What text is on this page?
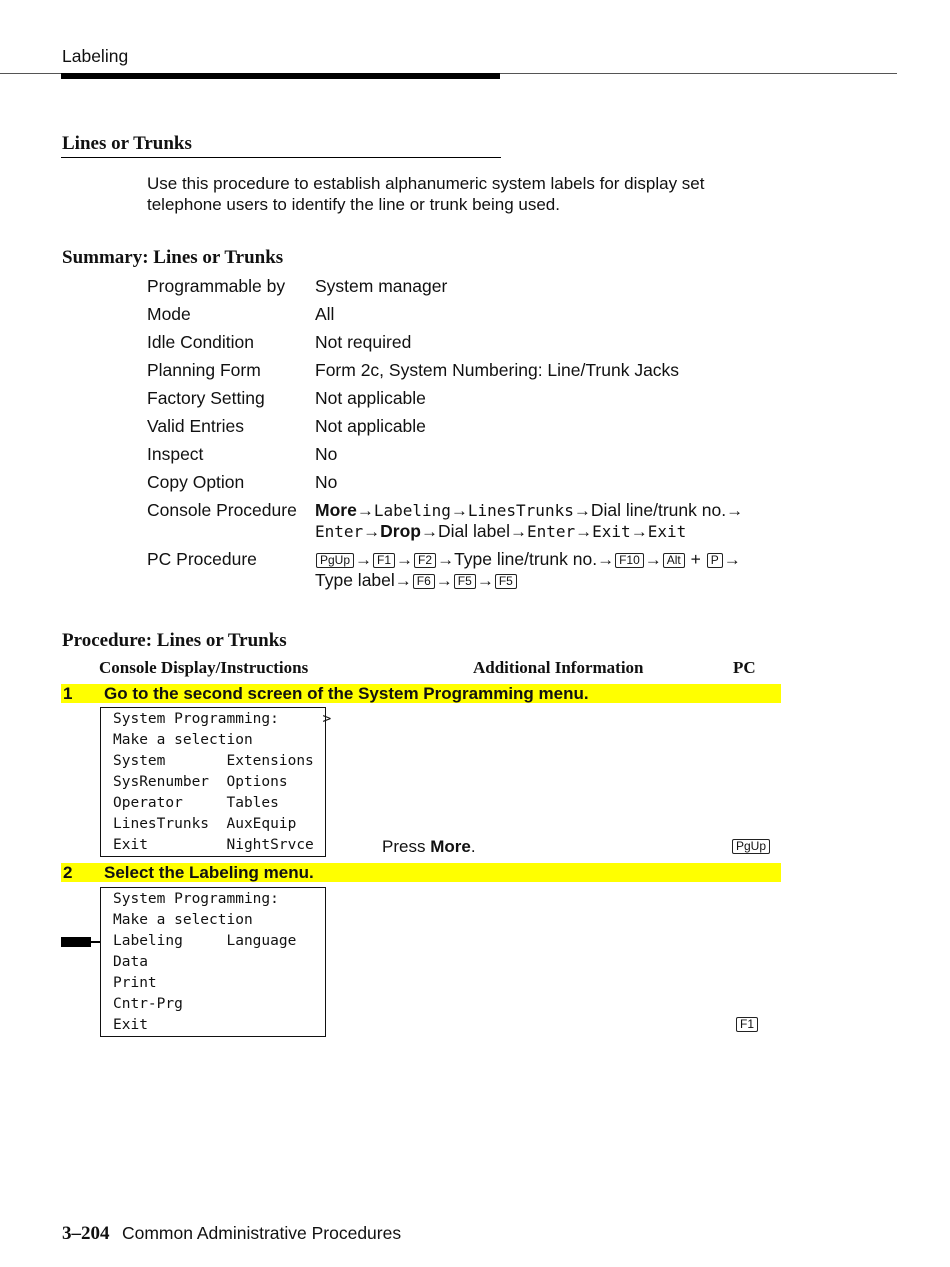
Labeling
Lines or Trunks
Use this procedure to establish alphanumeric system labels for display set
telephone users to identify the line or trunk being used.
Summary: Lines or Trunks
Programmable by System manager
Mode	All
Idle Condition	Not required
Planning Form	Form 2c, System Numbering: Line/Trunk Jacks
Factory Setting	Not applicable
Valid Entries	Not applicable
Inspect	No
Copy Option	No
Console Procedure More→Labeling→LinesTrunks→Dial line/trunk no.→
Enter→Drop→Dial label→Enter→Exit→Exit
PC Procedure	PgUp → F1 → F2 →Type line/trunk no.→ F10 → Alt + P →
Type label→ F6 → F5 → F5
Procedure: Lines or Trunks
Console Display/Instructions	Additional Information	PC
1 Go to the second screen of the System Programming menu.
System Programming:     >
Make a selection
System       Extensions
SysRenumber  Options
Operator     Tables
LinesTrunks  AuxEquip
Exit         NightSrvce	Press More.	PgUp
2 Select the Labeling menu.
System Programming:
Make a selection
Labeling     Language
Data
Print
Cntr-Prg
Exit	F1
3–204 Common Administrative Procedures
